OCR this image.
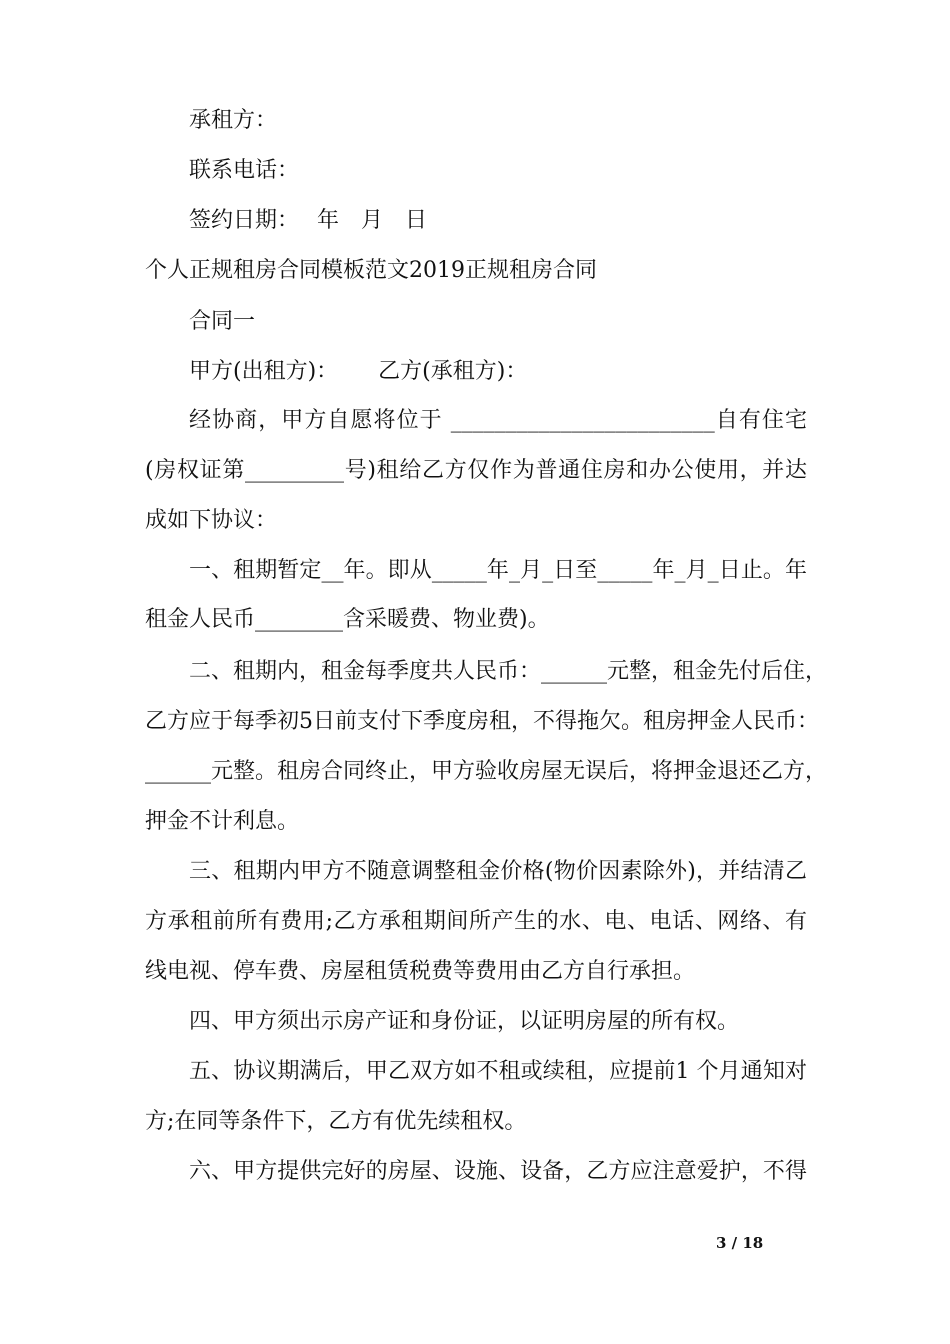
承租方：
联系电话：
签约日期： 年 月 日
个人正规租房合同模板范文2019正规租房合同
合同一
甲方(出租方)： 乙方(承租方)：
经协商，甲方自愿将位于 ________________________自有住宅
(房权证第_________号)租给乙方仅作为普通住房和办公使用，并达
成如下协议：
一、租期暂定__年。即从_____年_月_日至_____年_月_日止。年
租金人民币________含采暖费、物业费)。
二、租期内，租金每季度共人民币：______元整，租金先付后住，
乙方应于每季初5日前支付下季度房租，不得拖欠。租房押金人民币：
______元整。租房合同终止，甲方验收房屋无误后，将押金退还乙方，
押金不计利息。
三、租期内甲方不随意调整租金价格(物价因素除外)，并结清乙
方承租前所有费用;乙方承租期间所产生的水、电、电话、网络、有
线电视、停车费、房屋租赁税费等费用由乙方自行承担。
四、甲方须出示房产证和身份证，以证明房屋的所有权。
五、协议期满后，甲乙双方如不租或续租，应提前1 个月通知对
方;在同等条件下，乙方有优先续租权。
六、甲方提供完好的房屋、设施、设备，乙方应注意爱护，不得
3 / 18
